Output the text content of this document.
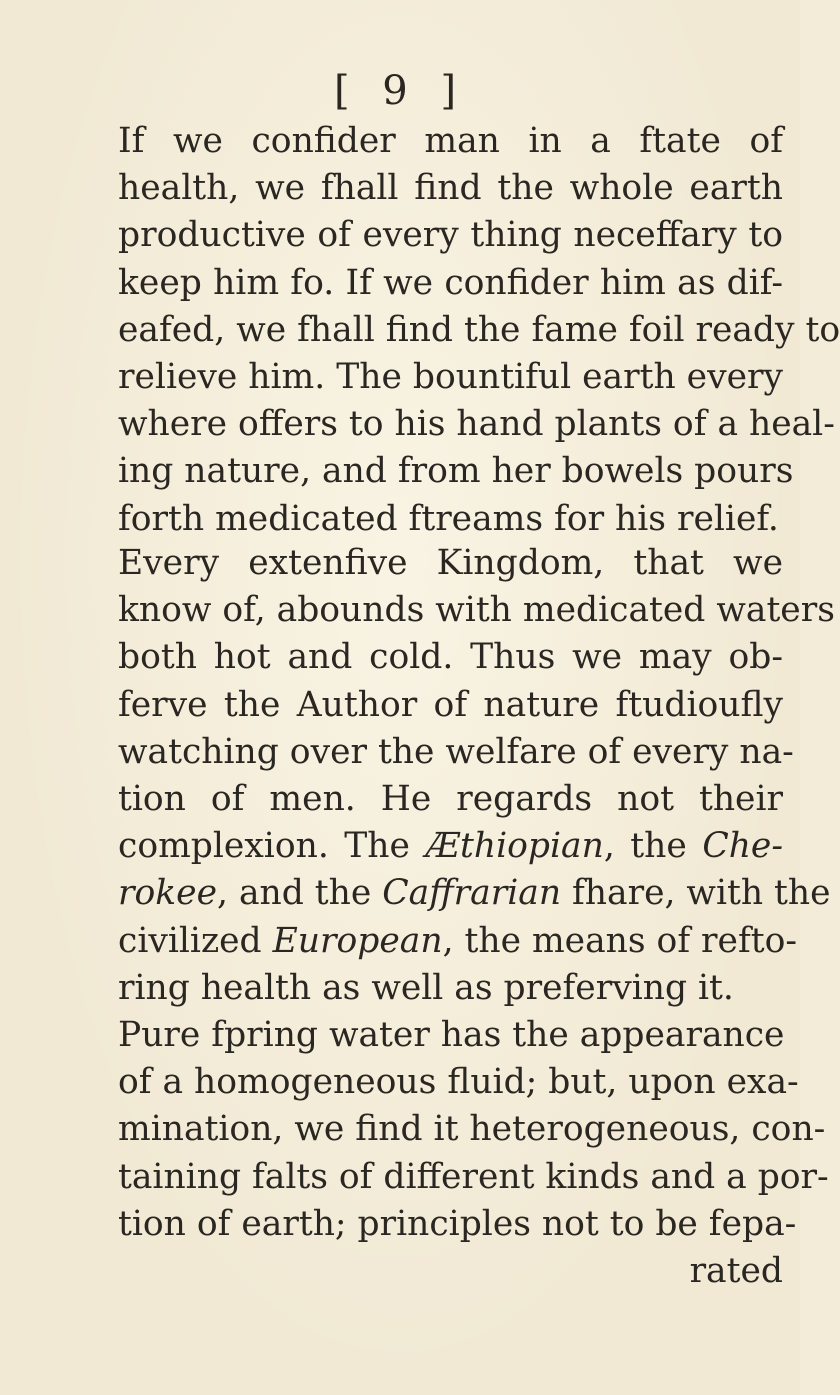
[ 9 ]
If we confider man in a ftate of
health, we fhall find the whole earth
productive of every thing neceffary to
keep him fo. If we confider him as dif-
eafed, we fhall find the fame foil ready to
relieve him. The bountiful earth every
where offers to his hand plants of a heal-
ing nature, and from her bowels pours
forth medicated ftreams for his relief.
Every extenfive Kingdom, that we
know of, abounds with medicated waters
both hot and cold. Thus we may ob-
ferve the Author of nature ftudioufly
watching over the welfare of every na-
tion of men. He regards not their
complexion. The Æthiopian, the Che-
rokee, and the Caffrarian fhare, with the
civilized European, the means of refto-
ring health as well as preferving it.
Pure fpring water has the appearance
of a homogeneous fluid; but, upon exa-
mination, we find it heterogeneous, con-
taining falts of different kinds and a por-
tion of earth; principles not to be fepa-
rated
